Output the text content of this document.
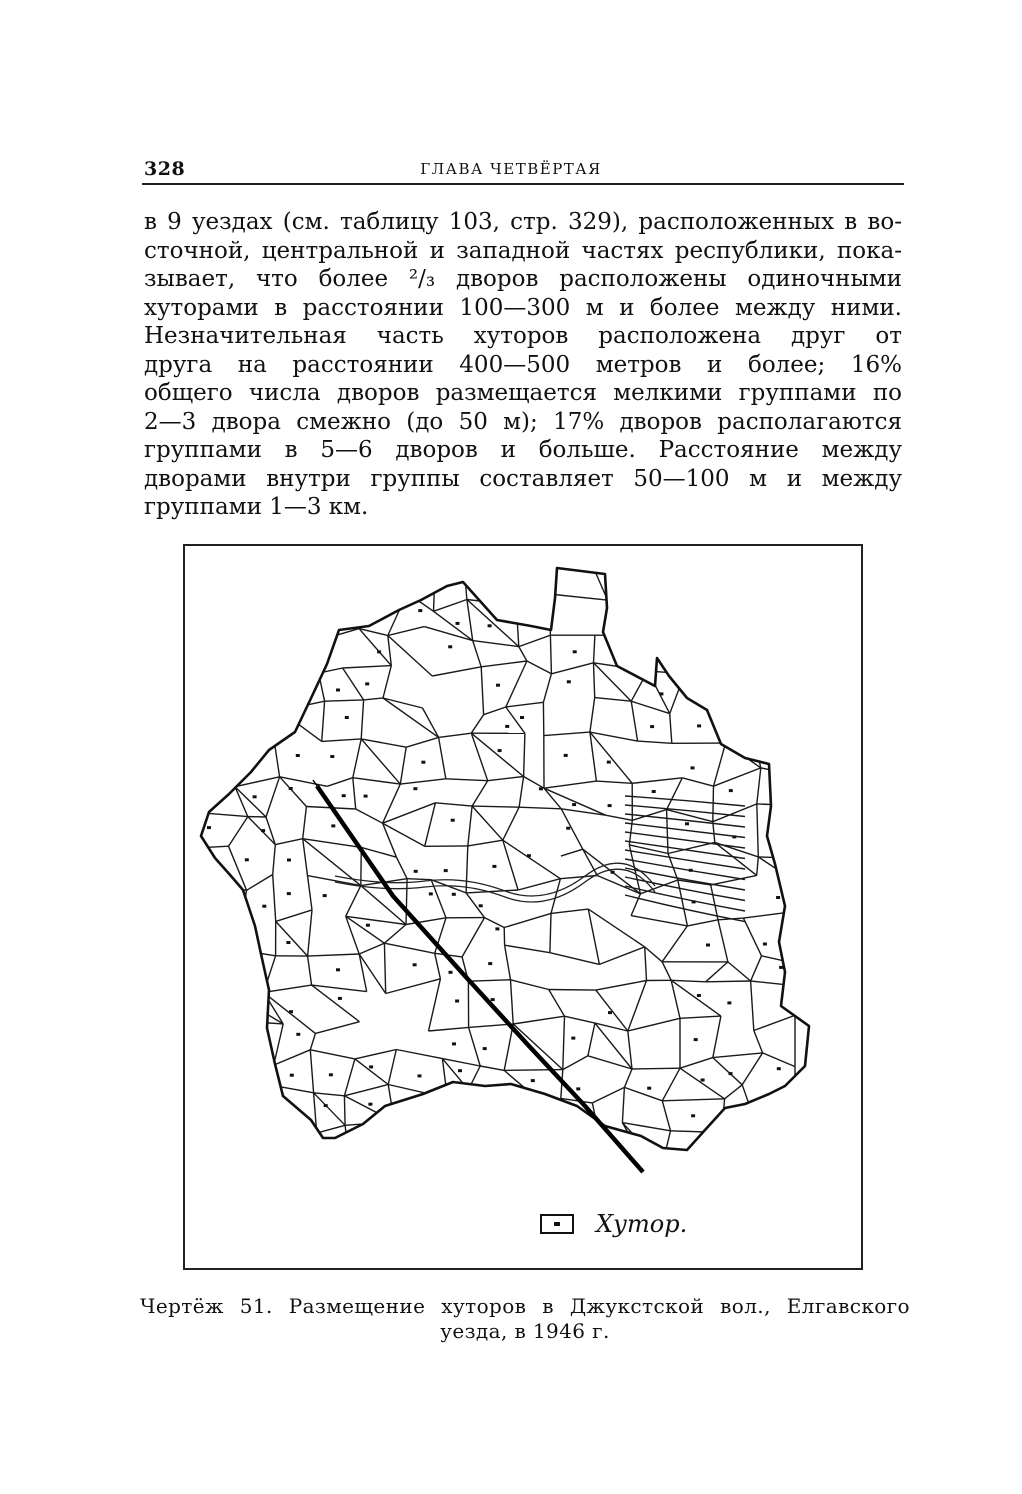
328	ГЛАВА ЧЕТВЁРТАЯ
в 9 уездах (см. таблицу 103, стр. 329), расположенных в во-
сточной, центральной и западной частях республики, пока-
зывает, что более ²/₃ дворов расположены одиночными
хуторами в расстоянии 100—300 м и более между ними.
Незначительная часть хуторов расположена друг от
друга на расстоянии 400—500 метров и более; 16%
общего числа дворов размещается мелкими группами по
2—3 двора смежно (до 50 м); 17% дворов располагаются
группами в 5—6 дворов и больше. Расстояние между
дворами внутри группы составляет 50—100 м и между
группами 1—3 км.
Хутор.
Чертёж 51. Размещение хуторов в Джукстской вол., Елгавского
уезда, в 1946 г.
